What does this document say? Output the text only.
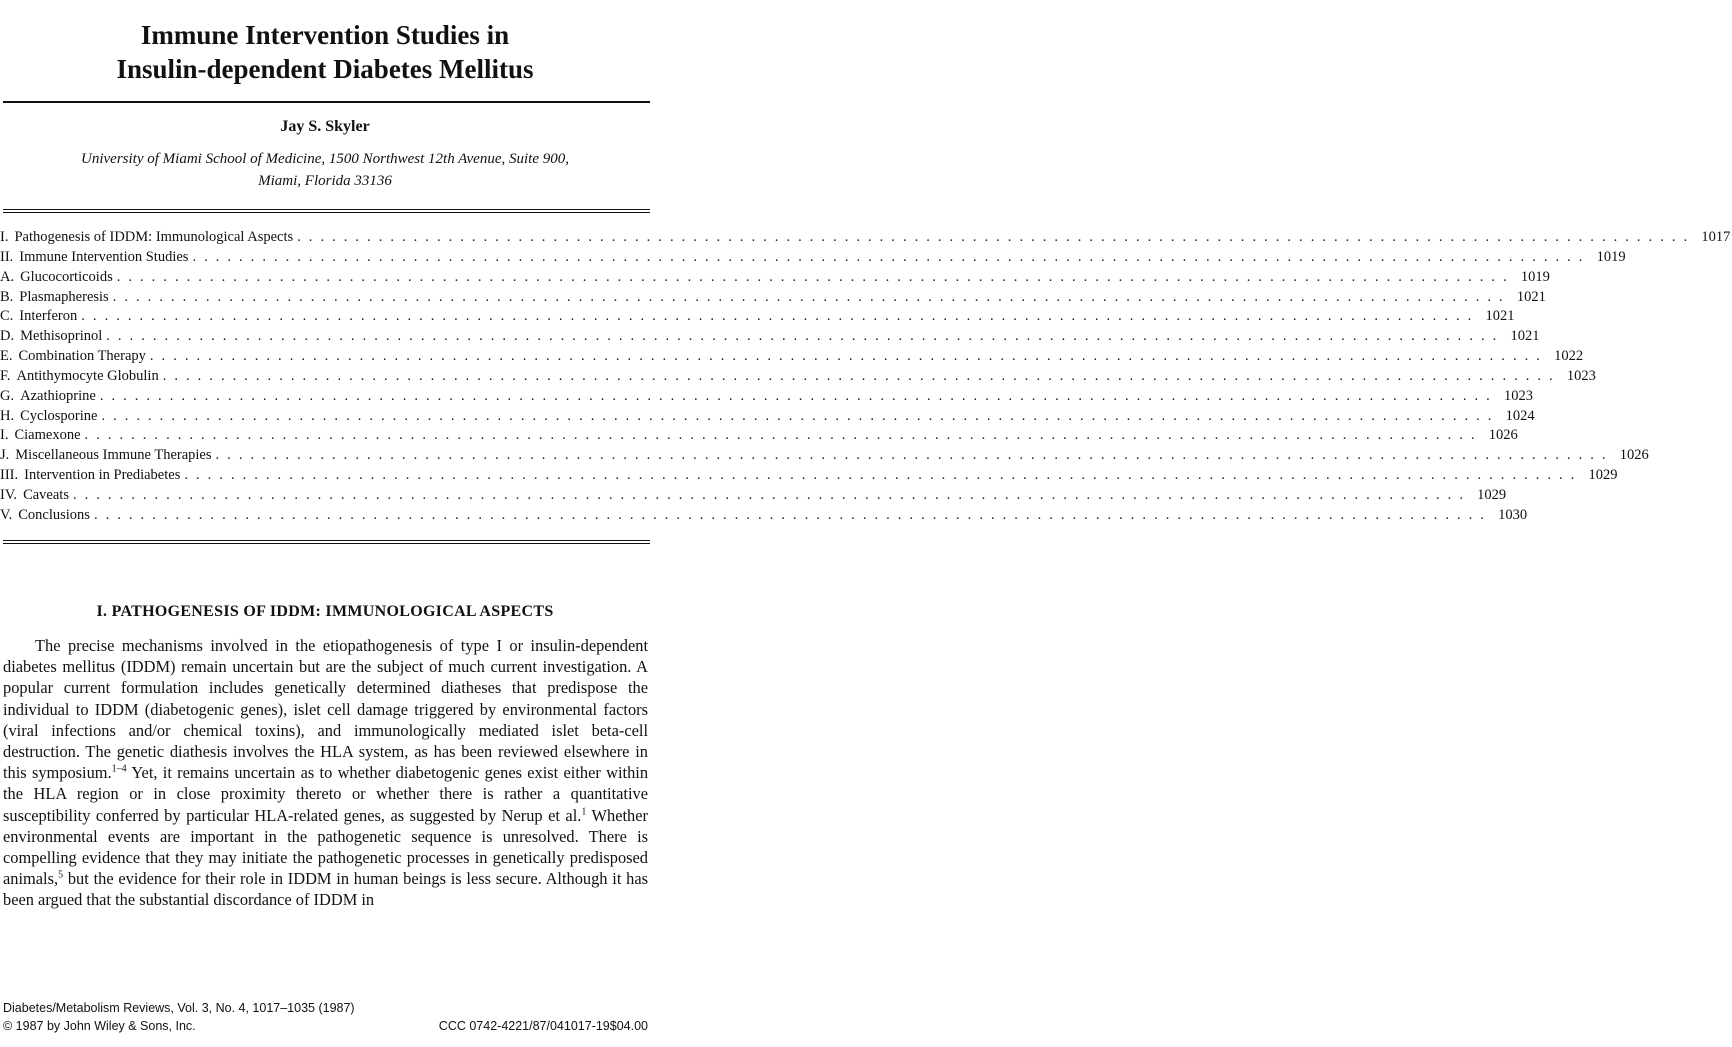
Immune Intervention Studies in
Insulin-dependent Diabetes Mellitus

Jay S. Skyler

University of Miami School of Medicine, 1500 Northwest 12th Avenue, Suite 900,
Miami, Florida 33136

I. Pathogenesis of IDDM: Immunological Aspects . . . . . . . . . . . . . . . . . . . . . . . . . . . . . . . . . . . . . . . . . . . . . . . . . . . . . . . . . . . . . . . . . . . . . . . . . . . . . . . . . . . . . . . . . . . . . . . . . . . . . . . . . . . . . . . . . . . . . . . . 1017
II. Immune Intervention Studies . . . . . . . . . . . . . . . . . . . . . . . . . . . . . . . . . . . . . . . . . . . . . . . . . . . . . . . . . . . . . . . . . . . . . . . . . . . . . . . . . . . . . . . . . . . . . . . . . . . . . . . . . . . . . . . . . . . . . . . . 1019
A. Glucocorticoids . . . . . . . . . . . . . . . . . . . . . . . . . . . . . . . . . . . . . . . . . . . . . . . . . . . . . . . . . . . . . . . . . . . . . . . . . . . . . . . . . . . . . . . . . . . . . . . . . . . . . . . . . . . . . . . . . . . . . . . . 1019
B. Plasmapheresis . . . . . . . . . . . . . . . . . . . . . . . . . . . . . . . . . . . . . . . . . . . . . . . . . . . . . . . . . . . . . . . . . . . . . . . . . . . . . . . . . . . . . . . . . . . . . . . . . . . . . . . . . . . . . . . . . . . . . . . . 1021
C. Interferon . . . . . . . . . . . . . . . . . . . . . . . . . . . . . . . . . . . . . . . . . . . . . . . . . . . . . . . . . . . . . . . . . . . . . . . . . . . . . . . . . . . . . . . . . . . . . . . . . . . . . . . . . . . . . . . . . . . . . . . . 1021
D. Methisoprinol . . . . . . . . . . . . . . . . . . . . . . . . . . . . . . . . . . . . . . . . . . . . . . . . . . . . . . . . . . . . . . . . . . . . . . . . . . . . . . . . . . . . . . . . . . . . . . . . . . . . . . . . . . . . . . . . . . . . . . . . 1021
E. Combination Therapy . . . . . . . . . . . . . . . . . . . . . . . . . . . . . . . . . . . . . . . . . . . . . . . . . . . . . . . . . . . . . . . . . . . . . . . . . . . . . . . . . . . . . . . . . . . . . . . . . . . . . . . . . . . . . . . . . . . . . . . . 1022
F. Antithymocyte Globulin . . . . . . . . . . . . . . . . . . . . . . . . . . . . . . . . . . . . . . . . . . . . . . . . . . . . . . . . . . . . . . . . . . . . . . . . . . . . . . . . . . . . . . . . . . . . . . . . . . . . . . . . . . . . . . . . . . . . . . . . 1023
G. Azathioprine . . . . . . . . . . . . . . . . . . . . . . . . . . . . . . . . . . . . . . . . . . . . . . . . . . . . . . . . . . . . . . . . . . . . . . . . . . . . . . . . . . . . . . . . . . . . . . . . . . . . . . . . . . . . . . . . . . . . . . . . 1023
H. Cyclosporine . . . . . . . . . . . . . . . . . . . . . . . . . . . . . . . . . . . . . . . . . . . . . . . . . . . . . . . . . . . . . . . . . . . . . . . . . . . . . . . . . . . . . . . . . . . . . . . . . . . . . . . . . . . . . . . . . . . . . . . . 1024
I. Ciamexone . . . . . . . . . . . . . . . . . . . . . . . . . . . . . . . . . . . . . . . . . . . . . . . . . . . . . . . . . . . . . . . . . . . . . . . . . . . . . . . . . . . . . . . . . . . . . . . . . . . . . . . . . . . . . . . . . . . . . . . . 1026
J. Miscellaneous Immune Therapies . . . . . . . . . . . . . . . . . . . . . . . . . . . . . . . . . . . . . . . . . . . . . . . . . . . . . . . . . . . . . . . . . . . . . . . . . . . . . . . . . . . . . . . . . . . . . . . . . . . . . . . . . . . . . . . . . . . . . . . . 1026
III. Intervention in Prediabetes . . . . . . . . . . . . . . . . . . . . . . . . . . . . . . . . . . . . . . . . . . . . . . . . . . . . . . . . . . . . . . . . . . . . . . . . . . . . . . . . . . . . . . . . . . . . . . . . . . . . . . . . . . . . . . . . . . . . . . . . 1029
IV. Caveats . . . . . . . . . . . . . . . . . . . . . . . . . . . . . . . . . . . . . . . . . . . . . . . . . . . . . . . . . . . . . . . . . . . . . . . . . . . . . . . . . . . . . . . . . . . . . . . . . . . . . . . . . . . . . . . . . . . . . . . . 1029
V. Conclusions . . . . . . . . . . . . . . . . . . . . . . . . . . . . . . . . . . . . . . . . . . . . . . . . . . . . . . . . . . . . . . . . . . . . . . . . . . . . . . . . . . . . . . . . . . . . . . . . . . . . . . . . . . . . . . . . . . . . . . . . 1030
I. PATHOGENESIS OF IDDM: IMMUNOLOGICAL ASPECTS

The precise mechanisms involved in the etiopathogenesis of type I or insulin-dependent diabetes mellitus (IDDM) remain uncertain but are the subject of much current investigation. A popular current formulation includes genetically determined diatheses that predispose the individual to IDDM (diabetogenic genes), islet cell damage triggered by environmental factors (viral infections and/or chemical toxins), and immunologically mediated islet beta-cell destruction. The genetic diathesis involves the HLA system, as has been reviewed elsewhere in this symposium.$^{1-4}$ Yet, it remains uncertain as to whether diabetogenic genes exist either within the HLA region or in close proximity thereto or whether there is rather a quantitative susceptibility conferred by particular HLA-related genes, as suggested by Nerup et al.$^1$ Whether environmental events are important in the pathogenetic sequence is unresolved. There is compelling evidence that they may initiate the pathogenetic processes in genetically predisposed animals,$^5$ but the evidence for their role in IDDM in human beings is less secure. Although it has been argued that the substantial discordance of IDDM in

Diabetes/Metabolism Reviews, Vol. 3, No. 4, 1017–1035 (1987)
© 1987 by John Wiley & Sons, Inc.	CCC 0742-4221/87/041017-19$04.00
